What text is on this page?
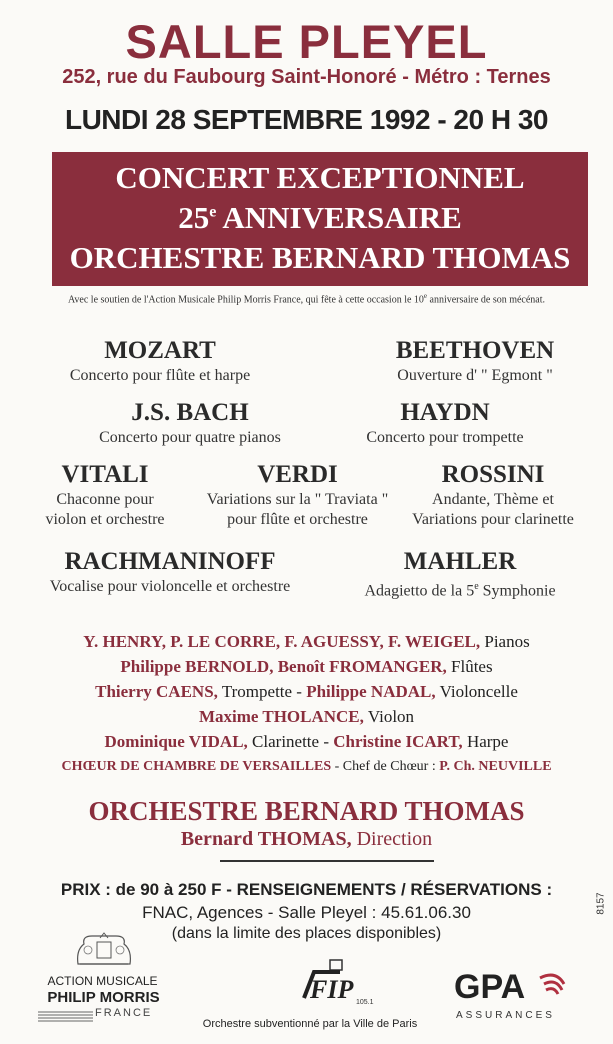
SALLE PLEYEL
252, rue du Faubourg Saint-Honoré - Métro : Ternes
LUNDI 28 SEPTEMBRE 1992 - 20 H 30
CONCERT EXCEPTIONNEL
25e ANNIVERSAIRE
ORCHESTRE BERNARD THOMAS
Avec le soutien de l'Action Musicale Philip Morris France, qui fête à cette occasion le 10e anniversaire de son mécénat.
MOZART
Concerto pour flûte et harpe
BEETHOVEN
Ouverture d' " Egmont "
J.S. BACH
Concerto pour quatre pianos
HAYDN
Concerto pour trompette
VITALI
Chaconne pour
violon et orchestre
VERDI
Variations sur la " Traviata "
pour flûte et orchestre
ROSSINI
Andante, Thème et
Variations pour clarinette
RACHMANINOFF
Vocalise pour violoncelle et orchestre
MAHLER
Adagietto de la 5e Symphonie
Y. HENRY, P. LE CORRE, F. AGUESSY, F. WEIGEL, Pianos
Philippe BERNOLD, Benoît FROMANGER, Flûtes
Thierry CAENS, Trompette - Philippe NADAL, Violoncelle
Maxime THOLANCE, Violon
Dominique VIDAL, Clarinette - Christine ICART, Harpe
CHŒUR DE CHAMBRE DE VERSAILLES - Chef de Chœur : P. Ch. NEUVILLE
ORCHESTRE BERNARD THOMAS
Bernard THOMAS, Direction
PRIX : de 90 à 250 F - RENSEIGNEMENTS / RÉSERVATIONS :
FNAC, Agences - Salle Pleyel : 45.61.06.30
(dans la limite des places disponibles)
8157
ACTION MUSICALE
PHILIP MORRIS
FRANCE
FIP 105.1 GPA
ASSURANCES
Orchestre subventionné par la Ville de Paris
